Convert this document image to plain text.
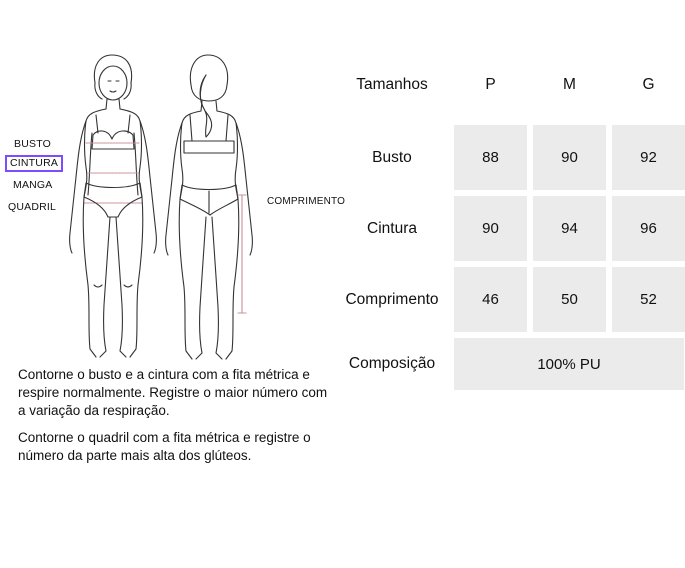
BUSTO
CINTURA
MANGA
QUADRIL	COMPRIMENTO

Contorne o busto e a cintura com a fita métrica e respire normalmente. Registre o maior número com a variação da respiração.

Contorne o quadril com a fita métrica e registre o número da parte mais alta dos glúteos.

Tamanhos	P	M	G
Busto	88	90	92
Cintura	90	94	96
Comprimento	46	50	52
Composição	100% PU
